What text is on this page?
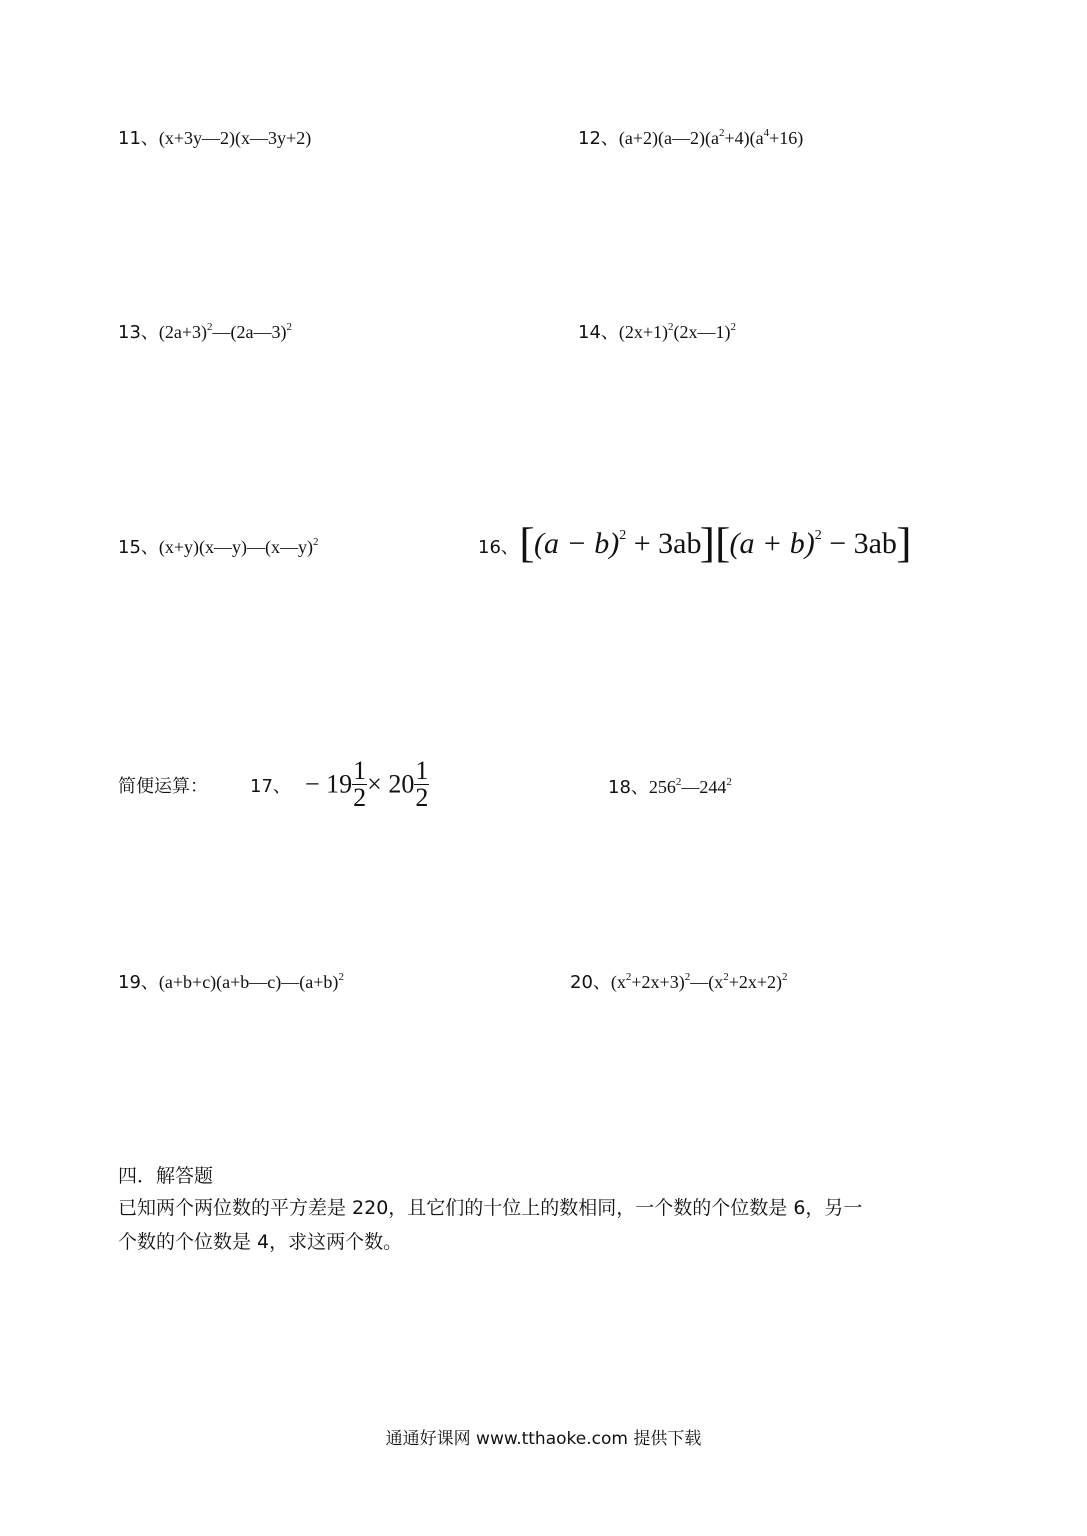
11、(x+3y—2)(x—3y+2)	12、$(a+2)(a—2)(a^2+4)(a^4+16)$
13、$(2a+3)^2—(2a—3)^2$	14、$(2x+1)^2(2x—1)^2$
15、(x+y)(x—y)—(x—y)$^2$	16、 $[(a - b)^2 + 3ab][(a + b)^2 - 3ab]$
简便运算： 17、 − $19 \frac{1}{2} \times 20 \frac{1}{2}$	18、$256^2—244^2$
19、$(a+b+c)(a+b—c)—(a+b)^2$	20、$(x^2+2x+3)^2—(x^2+2x+2)^2$
四．解答题
已知两个两位数的平方差是 220，且它们的十位上的数相同，一个数的个位数是 6，另一
个数的个位数是 4，求这两个数。
通通好课网 www.tthaoke.com 提供下载
